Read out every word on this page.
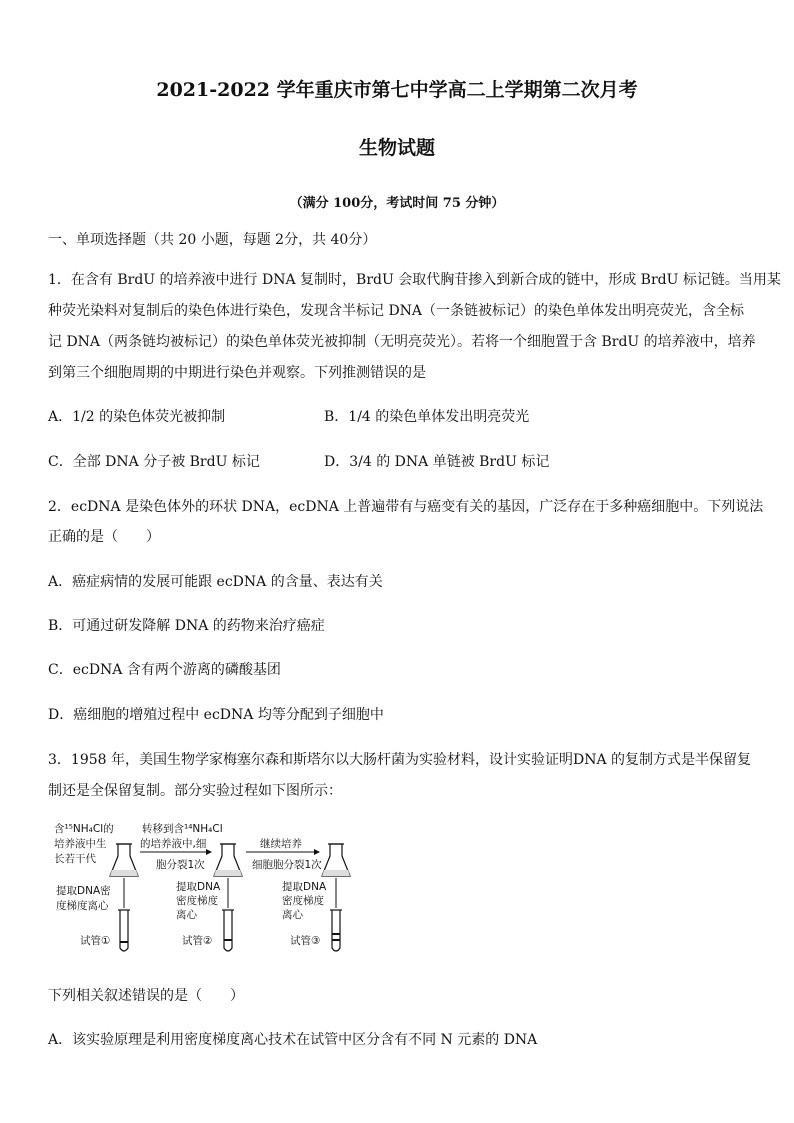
2021-2022 学年重庆市第七中学高二上学期第二次月考
生物试题
（满分 100分，考试时间 75 分钟）
一、单项选择题（共 20 小题，每题 2分，共 40分）
1．在含有 BrdU 的培养液中进行 DNA 复制时，BrdU 会取代胸苷掺入到新合成的链中，形成 BrdU 标记链。当用某
种荧光染料对复制后的染色体进行染色，发现含半标记 DNA（一条链被标记）的染色单体发出明亮荧光，含全标
记 DNA（两条链均被标记）的染色单体荧光被抑制（无明亮荧光）。若将一个细胞置于含 BrdU 的培养液中，培养
到第三个细胞周期的中期进行染色并观察。下列推测错误的是
A．1/2 的染色体荧光被抑制	B．1/4 的染色单体发出明亮荧光
C．全部 DNA 分子被 BrdU 标记	D．3/4 的 DNA 单链被 BrdU 标记
2．ecDNA 是染色体外的环状 DNA，ecDNA 上普遍带有与癌变有关的基因，广泛存在于多种癌细胞中。下列说法
正确的是（　　）
A．癌症病情的发展可能跟 ecDNA 的含量、表达有关
B．可通过研发降解 DNA 的药物来治疗癌症
C．ecDNA 含有两个游离的磷酸基团
D．癌细胞的增殖过程中 ecDNA 均等分配到子细胞中
3．1958 年，美国生物学家梅塞尔森和斯塔尔以大肠杆菌为实验材料，设计实验证明DNA 的复制方式是半保留复
制还是全保留复制。部分实验过程如下图所示：
含¹⁵NH₄Cl的
培养液中生
长若干代
转移到含¹⁴NH₄Cl
的培养液中,细
胞分裂1次
继续培养
细胞胞分裂1次
提取DNA密
度梯度离心
提取DNA
密度梯度
离心
提取DNA
密度梯度
离心
试管①	试管②	试管③
下列相关叙述错误的是（　　）
A．该实验原理是利用密度梯度离心技术在试管中区分含有不同 N 元素的 DNA
